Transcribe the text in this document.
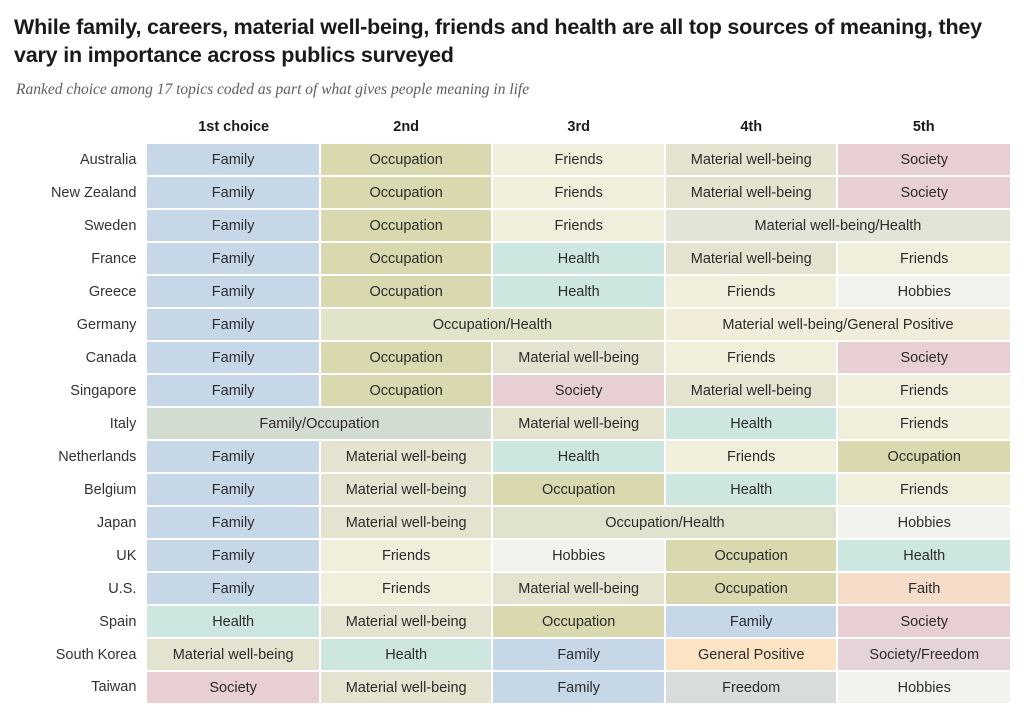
While family, careers, material well-being, friends and health are all top sources of meaning, they vary in importance across publics surveyed
Ranked choice among 17 topics coded as part of what gives people meaning in life
	1st choice	2nd	3rd	4th	5th
Australia	Family	Occupation	Friends	Material well-being	Society
New Zealand	Family	Occupation	Friends	Material well-being	Society
Sweden	Family	Occupation	Friends	Material well-being/Health	
France	Family	Occupation	Health	Material well-being	Friends
Greece	Family	Occupation	Health	Friends	Hobbies
Germany	Family	Occupation/Health		Material well-being/General Positive	
Canada	Family	Occupation	Material well-being	Friends	Society
Singapore	Family	Occupation	Society	Material well-being	Friends
Italy	Family/Occupation		Material well-being	Health	Friends
Netherlands	Family	Material well-being	Health	Friends	Occupation
Belgium	Family	Material well-being	Occupation	Health	Friends
Japan	Family	Material well-being	Occupation/Health		Hobbies
UK	Family	Friends	Hobbies	Occupation	Health
U.S.	Family	Friends	Material well-being	Occupation	Faith
Spain	Health	Material well-being	Occupation	Family	Society
South Korea	Material well-being	Health	Family	General Positive	Society/Freedom
Taiwan	Society	Material well-being	Family	Freedom	Hobbies
